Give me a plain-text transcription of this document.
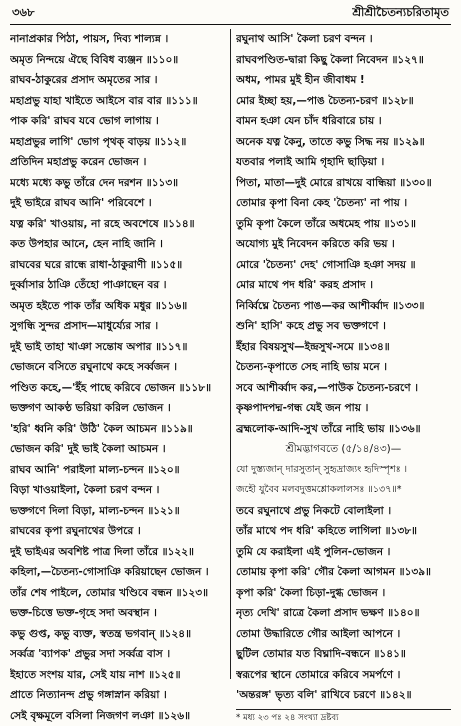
৩৬৮	শ্রীশ্রীচৈতন্যচরিতামৃত
নানাপ্রকার পিঠা, পায়স, দিব্য শাল্যন্ন ।
অমৃত নিন্দয়ে ঐছে বিবিধ ব্যঞ্জন ॥১১০॥
রাঘব-ঠাকুরের প্রসাদ অমৃতের সার ।
মহাপ্রভু যাহা খাইতে আইসে বার বার ॥১১১॥
পাক করি' রাঘব যবে ভোগ লাগায় ।
মহাপ্রভুর লাগি' ভোগ পৃথক্ বাড়য় ॥১১২॥
প্রতিদিন মহাপ্রভু করেন ভোজন ।
মধ্যে মধ্যে কভু তাঁরে দেন দরশন ॥১১৩॥
দুই ভাইরে রাঘব আনি' পরিবেশে ।
যত্ন করি' খাওয়ায়, না রহে অবশেষে ॥১১৪॥
কত উপহার আনে, হেন নাহি জানি ।
রাঘবের ঘরে রান্ধে রাধা-ঠাকুরাণী ॥১১৫॥
দুর্ব্বাসার ঠাঞি তেঁহো পাঞাছেন বর ।
অমৃত হইতে পাক তাঁর অধিক মধুর ॥১১৬॥
সুগন্ধি সুন্দর প্রসাদ—মাধুর্য্যের সার ।
দুই ভাই তাহা খাঞা সন্তোষ অপার ॥১১৭॥
ভোজনে বসিতে রঘুনাথে কহে সর্ব্বজন ।
পণ্ডিত কহে,—'ইঁহ পাছে করিবে ভোজন ॥১১৮॥
ভক্তগণ আকণ্ঠ ভরিয়া করিল ভোজন ।
'হরি' ধ্বনি করি' উঠি' কৈল আচমন ॥১১৯॥
ভোজন করি' দুই ভাই কৈলা আচমন ।
রাঘব আনি' পরাইলা মাল্য-চন্দন ॥১২০॥
বিড়া খাওয়াইলা, কৈলা চরণ বন্দন ।
ভক্তগণে দিলা বিড়া, মাল্য-চন্দন ॥১২১॥
রাঘবের কৃপা রঘুনাথের উপরে ।
দুই ভাইএর অবশিষ্ট পাত্র দিলা তাঁরে ॥১২২॥
কহিলা,—চৈতন্য-গোসাঞি করিয়াছেন ভোজন ।
তাঁর শেষ পাইলে, তোমার খণ্ডিবে বন্ধন ॥১২৩॥
ভক্ত-চিত্তে ভক্ত-গৃহে সদা অবস্থান ।
কভু গুপ্ত, কভু ব্যক্ত, স্বতন্ত্র ভগবান্ ॥১২৪॥
সর্ব্বত্র 'ব্যাপক' প্রভুর সদা সর্ব্বত্র বাস ।
ইহাতে সংশয় যার, সেই যায় নাশ ॥১২৫॥
প্রাতে নিত্যানন্দ প্রভু গঙ্গাস্নান করিয়া ।
সেই বৃক্ষমূলে বসিলা নিজগণ লঞা ॥১২৬॥
রঘুনাথ আসি' কৈলা চরণ বন্দন ।
রাঘবপণ্ডিত-দ্বারা কিছু কৈলা নিবেদন ॥১২৭॥
অধম, পামর মুই হীন জীবাধম !
মোর ইচ্ছা হয়,—পাঙ চৈতন্য-চরণ ॥১২৮॥
বামন হঞা যেন চাঁদ ধরিবারে চায় ।
অনেক যত্ন কৈনু, তাতে কভু সিদ্ধ নয় ॥১২৯॥
যতবার পলাই আমি গৃহাদি ছাড়িয়া ।
পিতা, মাতা—দুই মোরে রাখয়ে বান্ধিয়া ॥১৩০॥
তোমার কৃপা বিনা কেহ 'চৈতন্য' না পায় ।
তুমি কৃপা কৈলে তাঁরে অধমেহ পায় ॥১৩১॥
অযোগ্য মুই নিবেদন করিতে করি ভয় ।
মোরে 'চৈতন্য' দেহ' গোসাঞি হঞা সদয় ॥
মোর মাথে পদ ধরি' করহ প্রসাদ ।
নির্ব্বিঘ্নে চৈতন্য পাঙ—কর আশীর্ব্বাদ ॥১৩৩॥
শুনি' হাসি' কহে প্রভু সব ভক্তগণে ।
ইঁহার বিষয়সুখ—ইন্দ্রসুখ-সমে ॥১৩৪॥
চৈতন্য-কৃপাতে সেহ নাহি ভায় মনে ।
সবে আশীর্ব্বাদ কর,—পাউক চৈতন্য-চরণে ।
কৃষ্ণপাদপদ্ম-গন্ধ যেই জন পায় ।
ব্রহ্মলোক-আদি-সুখ তাঁরে নাহি ভায় ॥১৩৬॥
শ্রীমদ্ভাগবতে (৫/১৪/৪৩)—
যো দুস্ত্যজান্ দারসুতান্ সুহৃদ্রাজ্যং হৃদিস্পৃশঃ ।
জহৌ যুবৈব মলবদুত্তমশ্লোকলালসঃ ॥১৩৭॥*
তবে রঘুনাথে প্রভু নিকটে বোলাইলা ।
তাঁর মাথে পদ ধরি' কহিতে লাগিলা ॥১৩৮॥
তুমি যে করাইলা এই পুলিন-ভোজন ।
তোমায় কৃপা করি' গৌর কৈলা আগমন ॥১৩৯॥
কৃপা করি' কৈলা চিড়া-দুগ্ধ ভোজন ।
নৃত্য দেখি' রাত্রে কৈলা প্রসাদ ভক্ষণ ॥১৪০॥
তোমা উদ্ধারিতে গৌর আইলা আপনে ।
ছুটিল তোমার যত বিঘ্নাদি-বন্ধনে ॥১৪১॥
স্বরূপের স্থানে তোমারে করিবে সমর্পণে ।
'অন্তরঙ্গ' ভৃত্য বলি' রাখিবে চরণে ॥১৪২॥
* মধ্য ২৩ পঃ ২৪ সংখ্যা দ্রষ্টব্য
